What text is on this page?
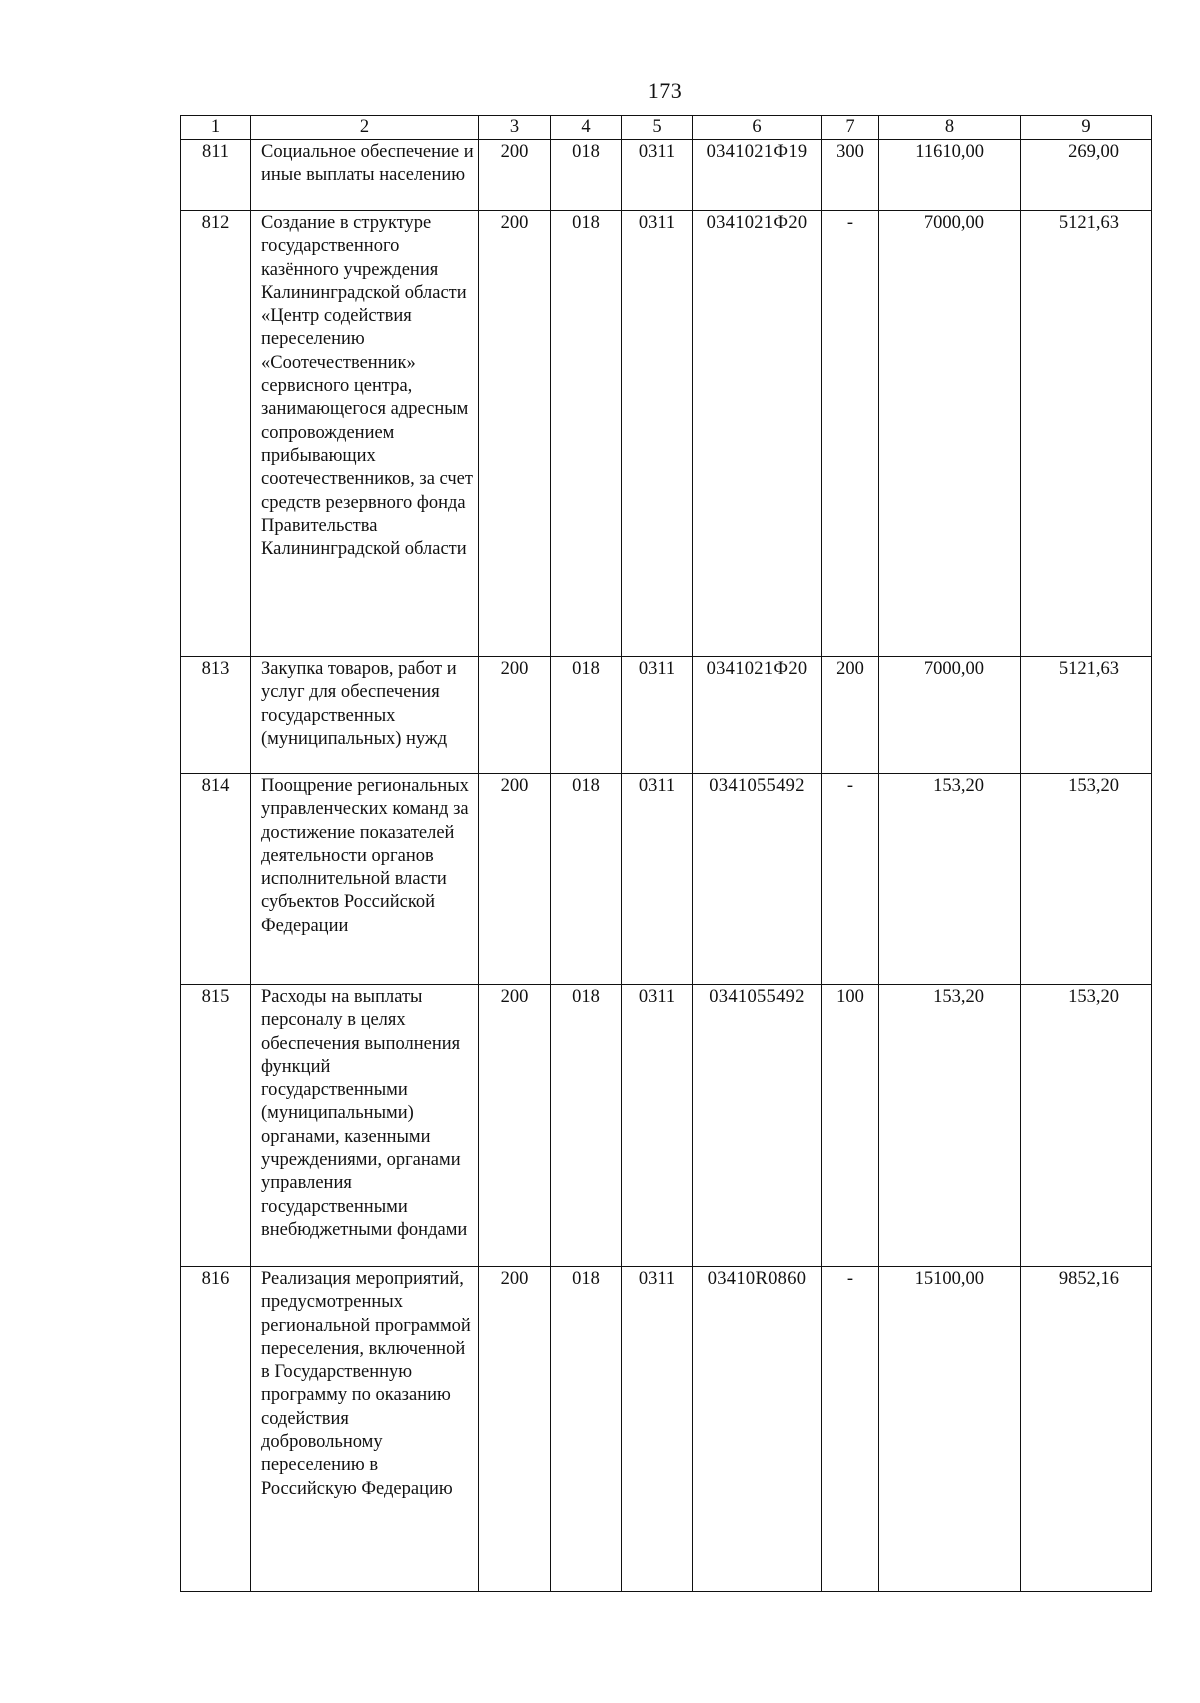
173
1	2	3	4	5	6	7	8	9
811	Социальное обеспечение и иные выплаты населению	200	018	0311	0341021Ф19	300	11610,00	269,00
812	Создание в структуре государственного казённого учреждения Калининградской области «Центр содействия переселению «Соотечественник» сервисного центра, занимающегося адресным сопровождением прибывающих соотечественников, за счет средств резервного фонда Правительства Калининградской области	200	018	0311	0341021Ф20	-	7000,00	5121,63
813	Закупка товаров, работ и услуг для обеспечения государственных (муниципальных) нужд	200	018	0311	0341021Ф20	200	7000,00	5121,63
814	Поощрение региональных управленческих команд за достижение показателей деятельности органов исполнительной власти субъектов Российской Федерации	200	018	0311	0341055492	-	153,20	153,20
815	Расходы на выплаты персоналу в целях обеспечения выполнения функций государственными (муниципальными) органами, казенными учреждениями, органами управления государственными внебюджетными фондами	200	018	0311	0341055492	100	153,20	153,20
816	Реализация мероприятий, предусмотренных региональной программой переселения, включенной в Государственную программу по оказанию содействия добровольному переселению в Российскую Федерацию	200	018	0311	03410R0860	-	15100,00	9852,16
